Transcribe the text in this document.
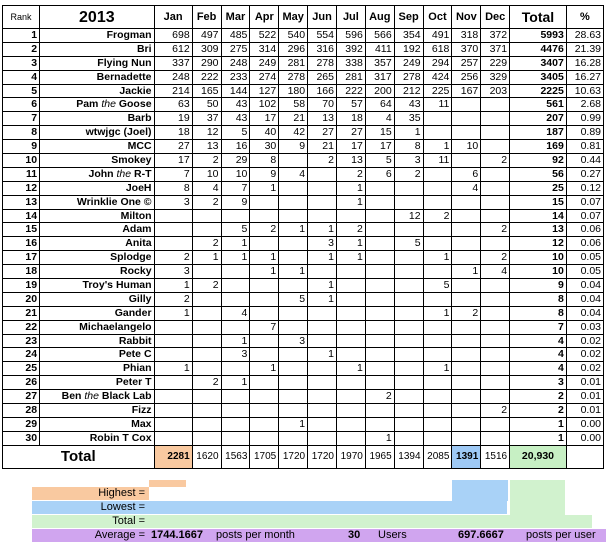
Rank	2013	Jan	Feb	Mar	Apr	May	Jun	Jul	Aug	Sep	Oct	Nov	Dec	Total	%
1	Frogman	698	497	485	522	540	554	596	566	354	491	318	372	5993	28.63
2	Bri	612	309	275	314	296	316	392	411	192	618	370	371	4476	21.39
3	Flying Nun	337	290	248	249	281	278	338	357	249	294	257	229	3407	16.28
4	Bernadette	248	222	233	274	278	265	281	317	278	424	256	329	3405	16.27
5	Jackie	214	165	144	127	180	166	222	200	212	225	167	203	2225	10.63
6	Pam the Goose	63	50	43	102	58	70	57	64	43	11			561	2.68
7	Barb	19	37	43	17	21	13	18	4	35				207	0.99
8	wtwjgc (Joel)	18	12	5	40	42	27	27	15	1				187	0.89
9	MCC	27	13	16	30	9	21	17	17	8	1	10		169	0.81
10	Smokey	17	2	29	8		2	13	5	3	11		2	92	0.44
11	John the R-T	7	10	10	9	4		2	6	2		6		56	0.27
12	JoeH	8	4	7	1			1				4		25	0.12
13	Wrinklie One ©	3	2	9				1						15	0.07
14	Milton									12	2			14	0.07
15	Adam			5	2	1	1	2					2	13	0.06
16	Anita		2	1			3	1		5				12	0.06
17	Splodge	2	1	1	1		1	1			1		2	10	0.05
18	Rocky	3			1	1						1	4	10	0.05
19	Troy's Human	1	2				1				5			9	0.04
20	Gilly	2				5	1							8	0.04
21	Gander	1		4							1	2		8	0.04
22	Michaelangelo				7									7	0.03
23	Rabbit			1		3								4	0.02
24	Pete C			3			1							4	0.02
25	Phian	1			1			1			1			4	0.02
26	Peter T		2	1										3	0.01
27	Ben the Black Lab								2					2	0.01
28	Fizz												2	2	0.01
29	Max					1								1	0.00
30	Robin T Cox								1					1	0.00
Total		2281	1620	1563	1705	1720	1720	1970	1965	1394	2085	1391	1516	20,930	
Highest =
Lowest =
Total =
Average = 1744.1667 posts per month	30 Users	697.6667 posts per user
